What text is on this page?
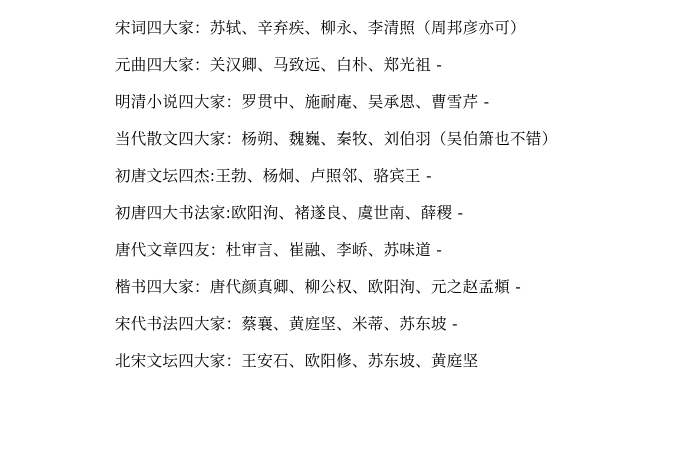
宋词四大家：苏轼、辛弃疾、柳永、李清照（周邦彦亦可）

元曲四大家：关汉卿、马致远、白朴、郑光祖 -

明清小说四大家：罗贯中、施耐庵、吴承恩、曹雪芹 -

当代散文四大家：杨朔、魏巍、秦牧、刘伯羽（吴伯箫也不错）

初唐文坛四杰:王勃、杨炯、卢照邻、骆宾王 -

初唐四大书法家:欧阳洵、褚遂良、虞世南、薛稷 -

唐代文章四友：杜审言、崔融、李峤、苏味道 -

楷书四大家：唐代颜真卿、柳公权、欧阳洵、元之赵孟頫 -

宋代书法四大家：蔡襄、黄庭坚、米蒂、苏东坡 -

北宋文坛四大家：王安石、欧阳修、苏东坡、黄庭坚
